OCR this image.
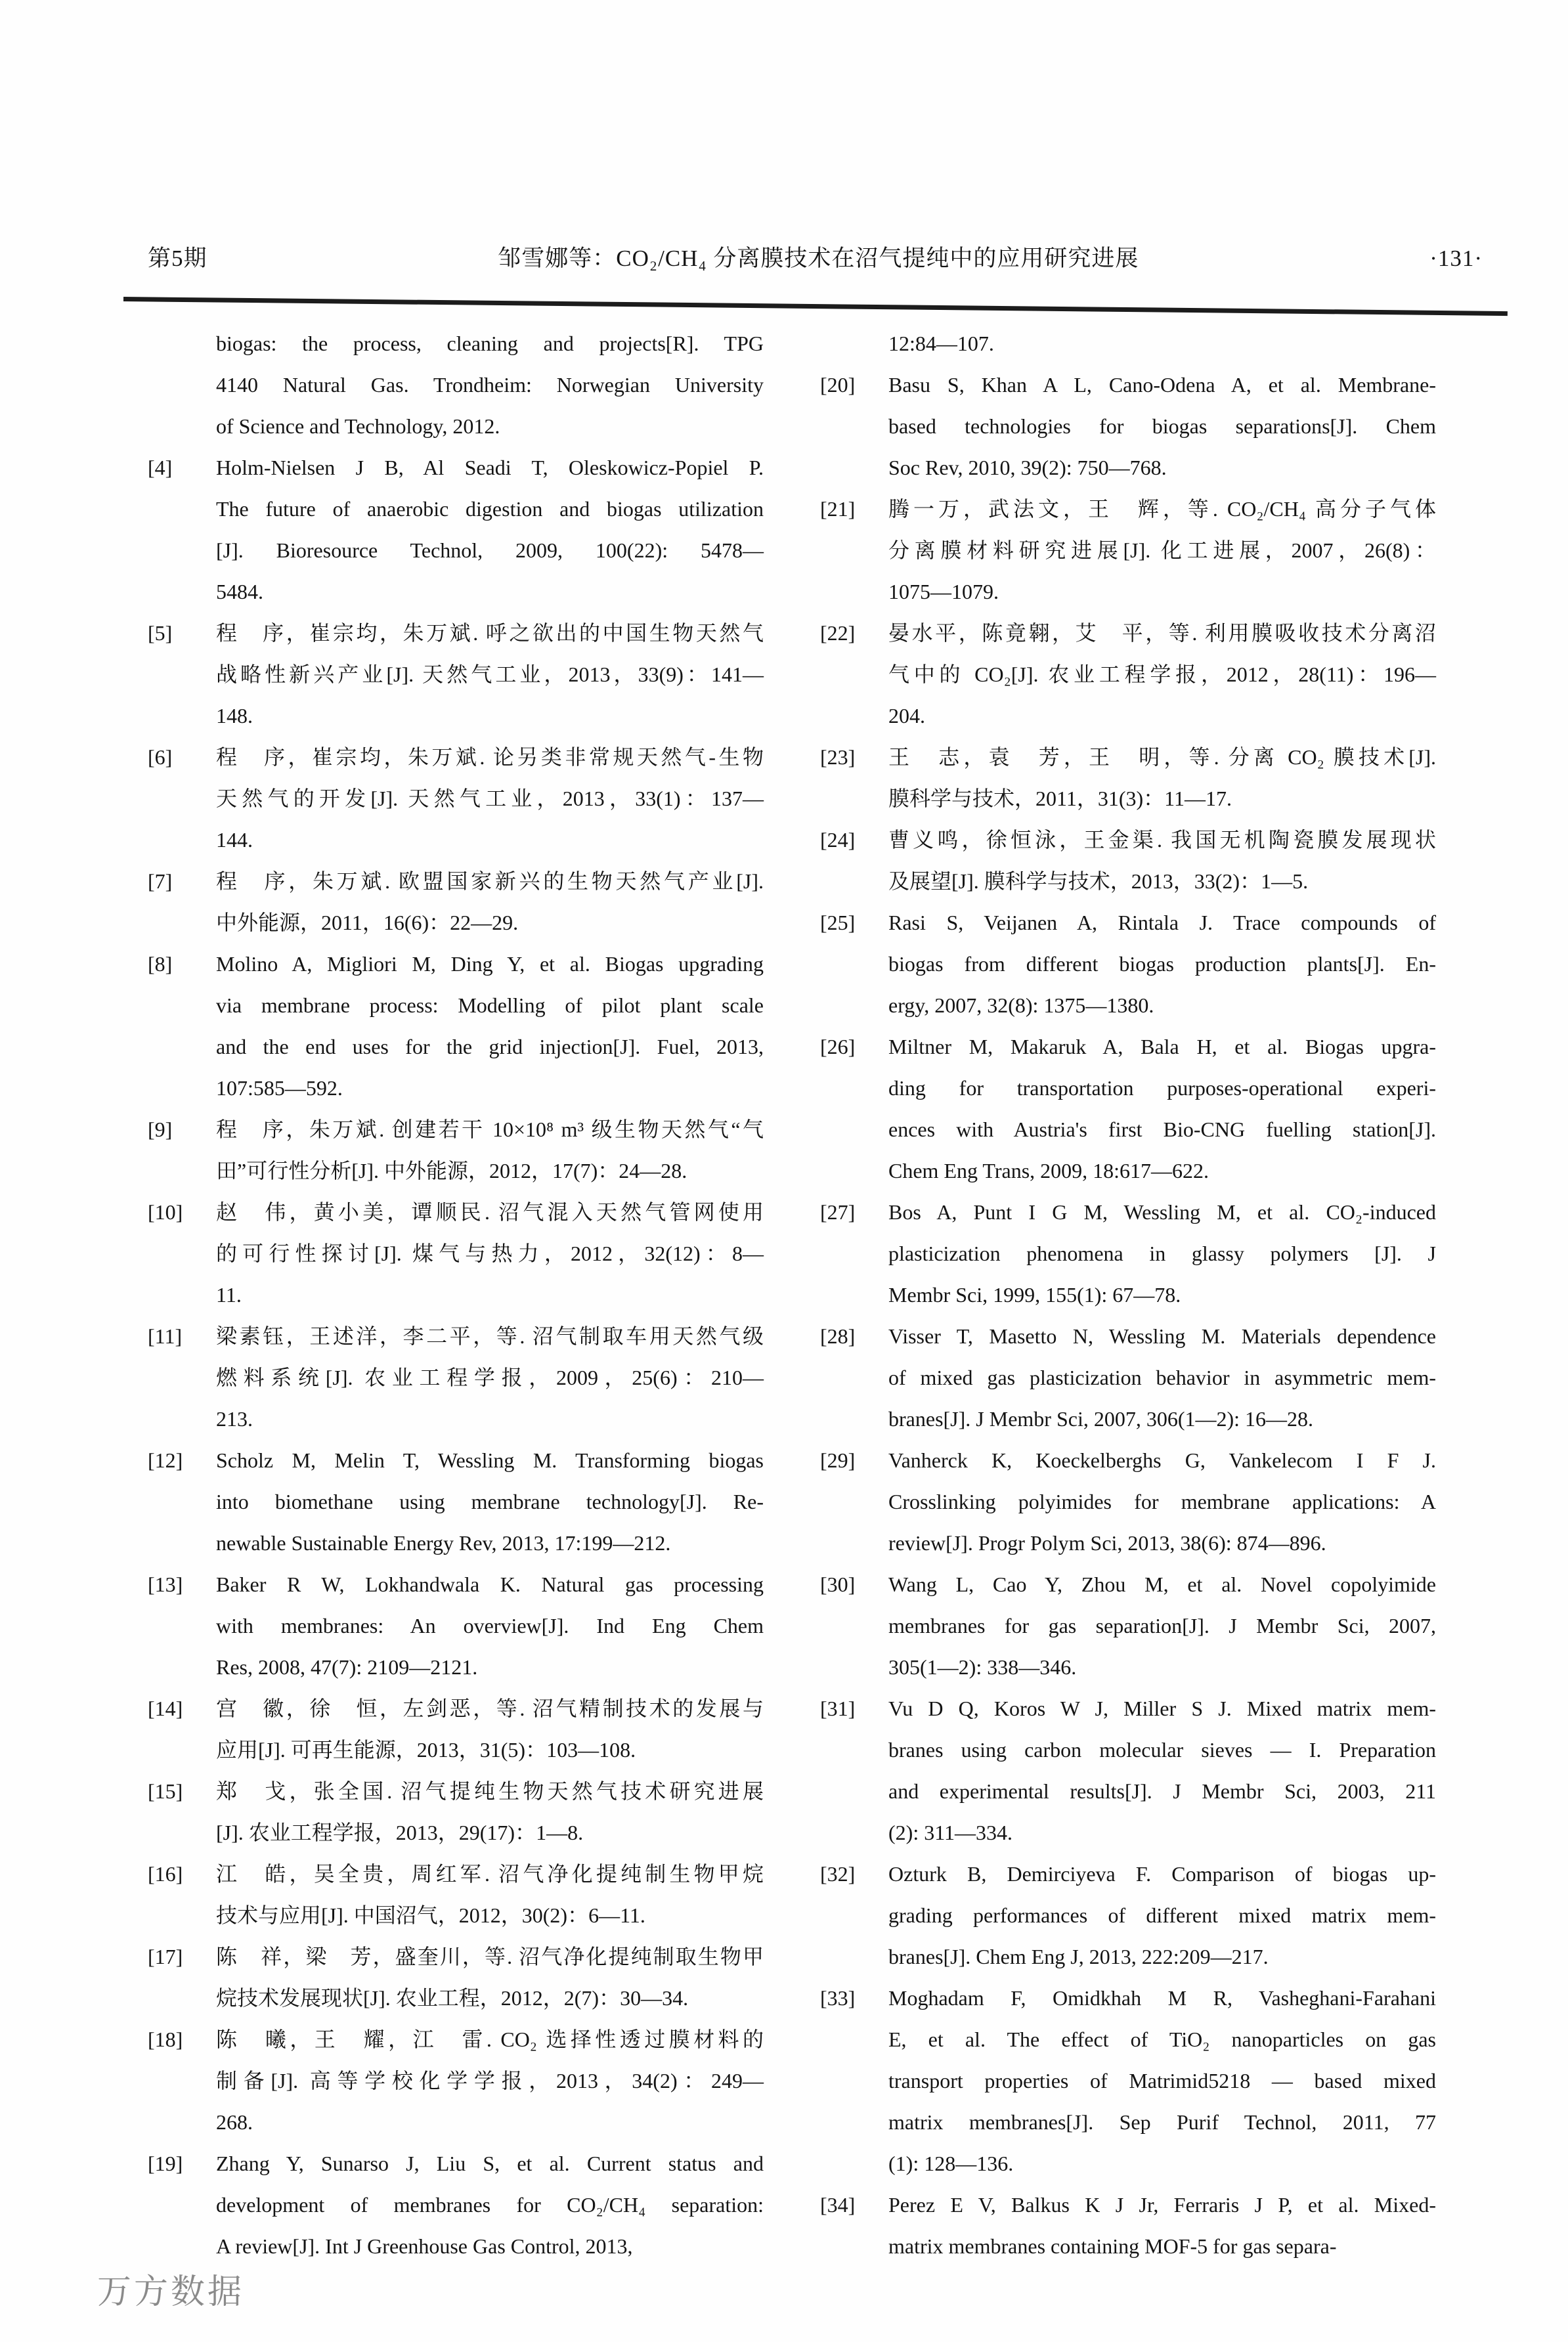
第5期	邹雪娜等：CO₂/CH₄ 分离膜技术在沼气提纯中的应用研究进展	·131·
biogas: the process, cleaning and projects[R]. TPG
4140 Natural Gas. Trondheim: Norwegian University
of Science and Technology, 2012.
[4]	Holm-Nielsen J B, Al Seadi T, Oleskowicz-Popiel P.
The future of anaerobic digestion and biogas utilization
[J]. Bioresource Technol, 2009, 100(22): 5478—
5484.
[5]	程　序，崔宗均，朱万斌. 呼之欲出的中国生物天然气
战略性新兴产业[J]. 天然气工业，2013，33(9)：141—
148.
[6]	程　序，崔宗均，朱万斌. 论另类非常规天然气-生物
天然气的开发[J]. 天然气工业，2013，33(1)：137—
144.
[7]	程　序，朱万斌. 欧盟国家新兴的生物天然气产业[J].
中外能源，2011，16(6)：22—29.
[8]	Molino A, Migliori M, Ding Y, et al. Biogas upgrading
via membrane process: Modelling of pilot plant scale
and the end uses for the grid injection[J]. Fuel, 2013,
107:585—592.
[9]	程　序，朱万斌. 创建若干 10×10⁸ m³ 级生物天然气“气
田”可行性分析[J]. 中外能源，2012，17(7)：24—28.
[10]	赵　伟，黄小美，谭顺民. 沼气混入天然气管网使用
的可行性探讨[J]. 煤气与热力，2012，32(12)：8—
11.
[11]	梁素钰，王述洋，李二平，等. 沼气制取车用天然气级
燃料系统[J]. 农业工程学报，2009，25(6)：210—
213.
[12]	Scholz M, Melin T, Wessling M. Transforming biogas
into biomethane using membrane technology[J]. Re-
newable Sustainable Energy Rev, 2013, 17:199—212.
[13]	Baker R W, Lokhandwala K. Natural gas processing
with membranes: An overview[J]. Ind Eng Chem
Res, 2008, 47(7): 2109—2121.
[14]	宫　徽，徐　恒，左剑恶，等. 沼气精制技术的发展与
应用[J]. 可再生能源，2013，31(5)：103—108.
[15]	郑　戈，张全国. 沼气提纯生物天然气技术研究进展
[J]. 农业工程学报，2013，29(17)：1—8.
[16]	江　皓，吴全贵，周红军. 沼气净化提纯制生物甲烷
技术与应用[J]. 中国沼气，2012，30(2)：6—11.
[17]	陈　祥，梁　芳，盛奎川，等. 沼气净化提纯制取生物甲
烷技术发展现状[J]. 农业工程，2012，2(7)：30—34.
[18]	陈　曦，王　耀，江　雷. CO₂ 选择性透过膜材料的
制备[J]. 高等学校化学学报，2013，34(2)：249—
268.
[19]	Zhang Y, Sunarso J, Liu S, et al. Current status and
development of membranes for CO₂/CH₄ separation:
A review[J]. Int J Greenhouse Gas Control, 2013,
12:84—107.
[20]	Basu S, Khan A L, Cano-Odena A, et al. Membrane-
based technologies for biogas separations[J]. Chem
Soc Rev, 2010, 39(2): 750—768.
[21]	腾一万，武法文，王　辉，等. CO₂/CH₄ 高分子气体
分离膜材料研究进展[J]. 化工进展，2007，26(8)：
1075—1079.
[22]	晏水平，陈竟翱，艾　平，等. 利用膜吸收技术分离沼
气中的 CO₂[J]. 农业工程学报，2012，28(11)：196—
204.
[23]	王　志，袁　芳，王　明，等. 分离 CO₂ 膜技术[J].
膜科学与技术，2011，31(3)：11—17.
[24]	曹义鸣，徐恒泳，王金渠. 我国无机陶瓷膜发展现状
及展望[J]. 膜科学与技术，2013，33(2)：1—5.
[25]	Rasi S, Veijanen A, Rintala J. Trace compounds of
biogas from different biogas production plants[J]. En-
ergy, 2007, 32(8): 1375—1380.
[26]	Miltner M, Makaruk A, Bala H, et al. Biogas upgra-
ding for transportation purposes-operational experi-
ences with Austria's first Bio-CNG fuelling station[J].
Chem Eng Trans, 2009, 18:617—622.
[27]	Bos A, Punt I G M, Wessling M, et al. CO₂-induced
plasticization phenomena in glassy polymers [J]. J
Membr Sci, 1999, 155(1): 67—78.
[28]	Visser T, Masetto N, Wessling M. Materials dependence
of mixed gas plasticization behavior in asymmetric mem-
branes[J]. J Membr Sci, 2007, 306(1—2): 16—28.
[29]	Vanherck K, Koeckelberghs G, Vankelecom I F J.
Crosslinking polyimides for membrane applications: A
review[J]. Progr Polym Sci, 2013, 38(6): 874—896.
[30]	Wang L, Cao Y, Zhou M, et al. Novel copolyimide
membranes for gas separation[J]. J Membr Sci, 2007,
305(1—2): 338—346.
[31]	Vu D Q, Koros W J, Miller S J. Mixed matrix mem-
branes using carbon molecular sieves — I. Preparation
and experimental results[J]. J Membr Sci, 2003, 211
(2): 311—334.
[32]	Ozturk B, Demirciyeva F. Comparison of biogas up-
grading performances of different mixed matrix mem-
branes[J]. Chem Eng J, 2013, 222:209—217.
[33]	Moghadam F, Omidkhah M R, Vasheghani-Farahani
E, et al. The effect of TiO₂ nanoparticles on gas
transport properties of Matrimid5218 — based mixed
matrix membranes[J]. Sep Purif Technol, 2011, 77
(1): 128—136.
[34]	Perez E V, Balkus K J Jr, Ferraris J P, et al. Mixed-
matrix membranes containing MOF-5 for gas separa-
万方数据
